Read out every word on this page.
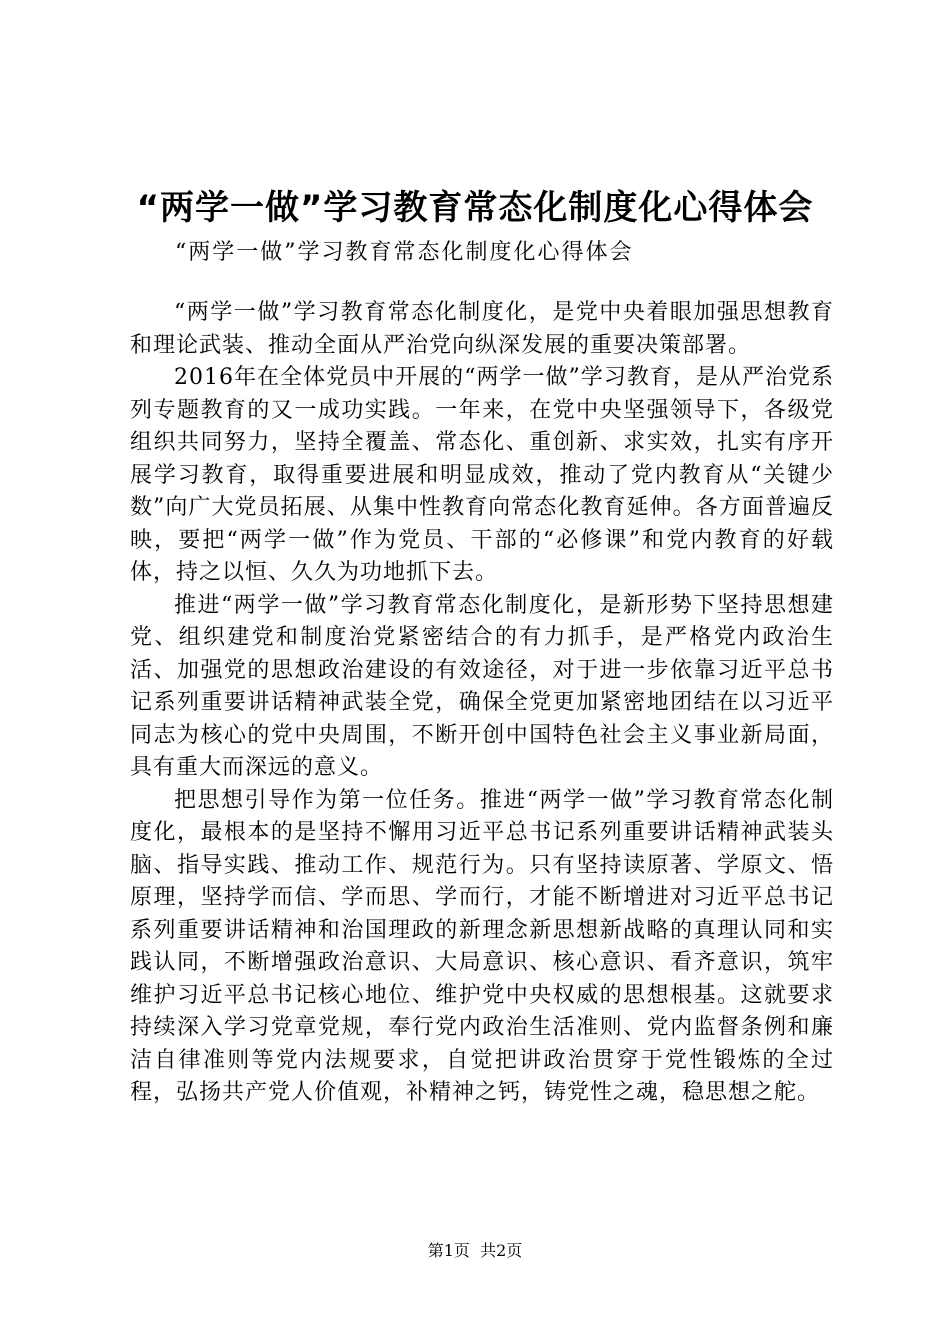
“两学一做”学习教育常态化制度化心得体会
“两学一做”学习教育常态化制度化心得体会

“两学一做”学习教育常态化制度化，是党中央着眼加强思想教育和理论武装、推动全面从严治党向纵深发展的重要决策部署。

2016年在全体党员中开展的“两学一做”学习教育，是从严治党系列专题教育的又一成功实践。一年来，在党中央坚强领导下，各级党组织共同努力，坚持全覆盖、常态化、重创新、求实效，扎实有序开展学习教育，取得重要进展和明显成效，推动了党内教育从“关键少数”向广大党员拓展、从集中性教育向常态化教育延伸。各方面普遍反映，要把“两学一做”作为党员、干部的“必修课”和党内教育的好载体，持之以恒、久久为功地抓下去。

推进“两学一做”学习教育常态化制度化，是新形势下坚持思想建党、组织建党和制度治党紧密结合的有力抓手，是严格党内政治生活、加强党的思想政治建设的有效途径，对于进一步依靠习近平总书记系列重要讲话精神武装全党，确保全党更加紧密地团结在以习近平同志为核心的党中央周围，不断开创中国特色社会主义事业新局面，具有重大而深远的意义。

把思想引导作为第一位任务。推进“两学一做”学习教育常态化制度化，最根本的是坚持不懈用习近平总书记系列重要讲话精神武装头脑、指导实践、推动工作、规范行为。只有坚持读原著、学原文、悟原理，坚持学而信、学而思、学而行，才能不断增进对习近平总书记系列重要讲话精神和治国理政的新理念新思想新战略的真理认同和实践认同，不断增强政治意识、大局意识、核心意识、看齐意识，筑牢维护习近平总书记核心地位、维护党中央权威的思想根基。这就要求持续深入学习党章党规，奉行党内政治生活准则、党内监督条例和廉洁自律准则等党内法规要求，自觉把讲政治贯穿于党性锻炼的全过程，弘扬共产党人价值观，补精神之钙，铸党性之魂，稳思想之舵。

第1页  共2页
